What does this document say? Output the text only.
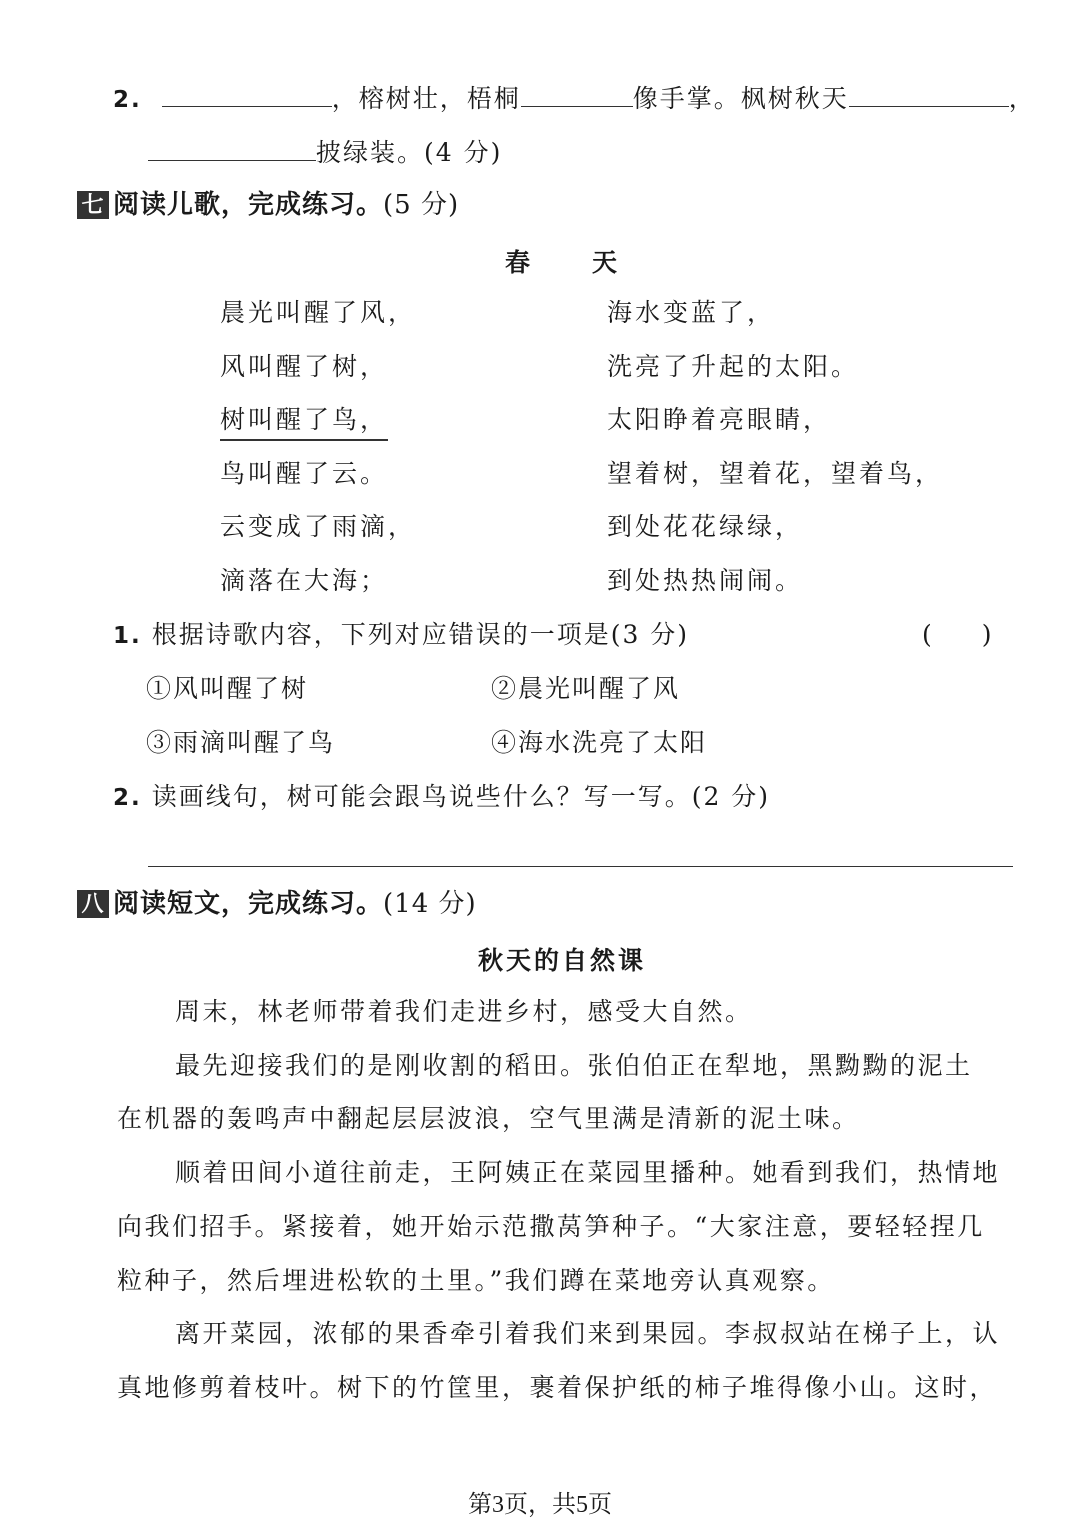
2.	，榕树壮，梧桐	像手掌。枫树秋天	，
披绿装。(4 分)
七 阅读儿歌，完成练习。 (5 分)
春　　天
晨光叫醒了风，
风叫醒了树，
树叫醒了鸟，
鸟叫醒了云。
云变成了雨滴，
滴落在大海；
海水变蓝了，
洗亮了升起的太阳。
太阳睁着亮眼睛，
望着树，望着花，望着鸟，
到处花花绿绿，
到处热热闹闹。
1. 根据诗歌内容，下列对应错误的一项是(3 分)	(　　)
①风叫醒了树	②晨光叫醒了风
③雨滴叫醒了鸟	④海水洗亮了太阳
2. 读画线句，树可能会跟鸟说些什么？写一写。(2 分)
八 阅读短文，完成练习。 (14 分)
秋天的自然课
周末，林老师带着我们走进乡村，感受大自然。
最先迎接我们的是刚收割的稻田。张伯伯正在犁地，黑黝黝的泥土
在机器的轰鸣声中翻起层层波浪，空气里满是清新的泥土味。
顺着田间小道往前走，王阿姨正在菜园里播种。她看到我们，热情地
向我们招手。紧接着，她开始示范撒莴笋种子。“大家注意，要轻轻捏几
粒种子，然后埋进松软的土里。”我们蹲在菜地旁认真观察。
离开菜园，浓郁的果香牵引着我们来到果园。李叔叔站在梯子上，认
真地修剪着枝叶。树下的竹筐里，裹着保护纸的柿子堆得像小山。这时，
第3页，共5页
